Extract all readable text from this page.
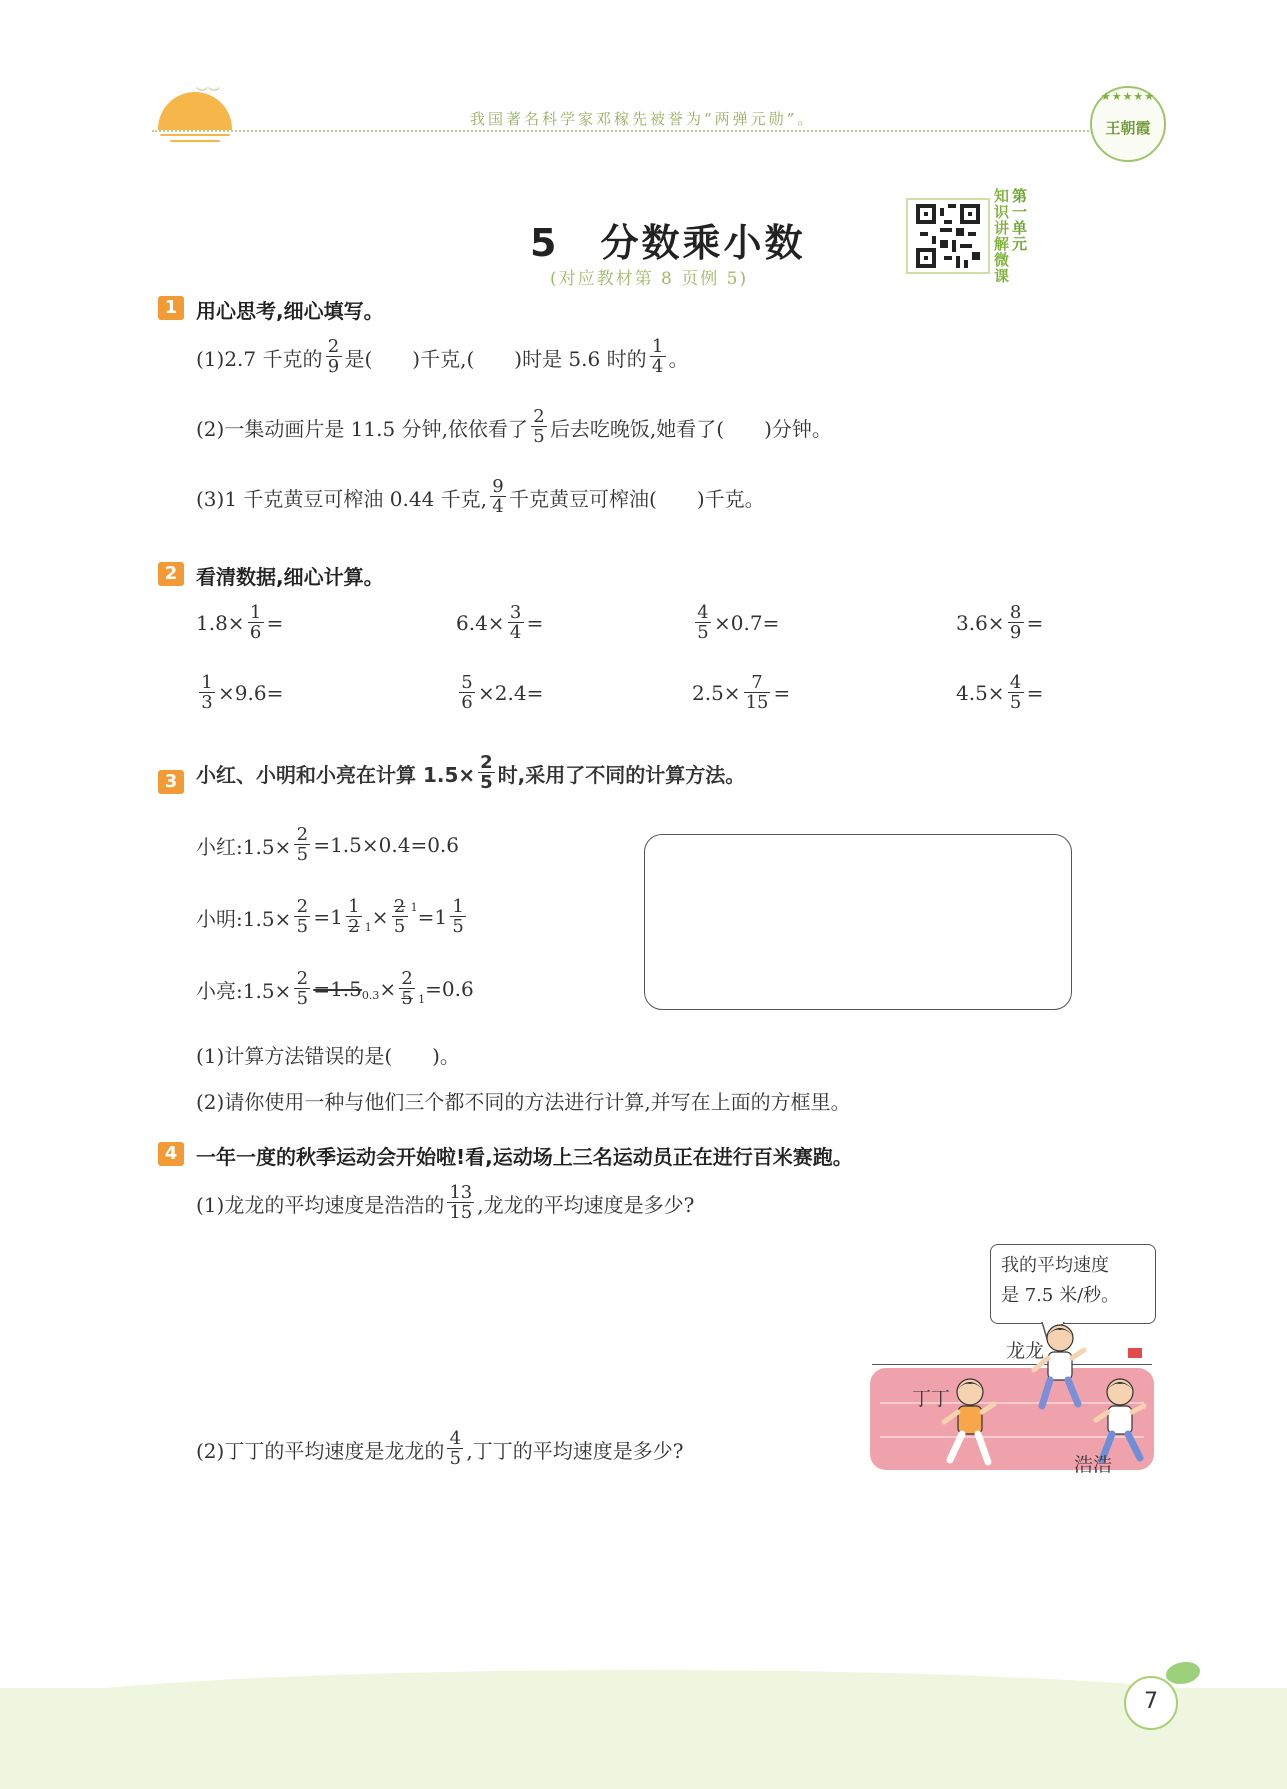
︶︶
我国著名科学家邓稼先被誉为“两弹元勋”。
★★★★★
王朝霞
5　分数乘小数
(对应教材第 8 页例 5)
知识讲解微课
第一单元
1 用心思考,细心填写。
(1)2.7 千克的 $\frac{2}{9}$ 是(　　)千克,(　　)时是 5.6 时的 $\frac{1}{4}$ 。
(2)一集动画片是 11.5 分钟,依依看了 $\frac{2}{5}$ 后去吃晚饭,她看了(　　)分钟。
(3)1 千克黄豆可榨油 0.44 千克, $\frac{9}{4}$ 千克黄豆可榨油(　　)千克。
2 看清数据,细心计算。
$1.8\times \frac{1}{6}$ =	$6.4\times \frac{3}{4}$ =	$\frac{4}{5} \times 0.7=$	$3.6\times \frac{8}{9}$ =
$\frac{1}{3} \times 9.6=$	$\frac{5}{6} \times 2.4=$	$2.5\times \frac{7}{15}$ =	$4.5\times \frac{4}{5}$ =
3 小红、小明和小亮在计算 $1.5\times \frac{2}{5}$ 时,采用了不同的计算方法。
小红:1.5× $\frac{2}{5} =1.5\times 0.4=0.6$
小明:1.5× $\frac{2}{5} =1 \frac{1}{2} 1 \times \frac{2}{5} 1 =1 \frac{1}{5}$
小亮:1.5× $\frac{2}{5} =1.5$ $0.3 \times \frac{2}{5} 1 =0.6$
(1)计算方法错误的是(　　)。
(2)请你使用一种与他们三个都不同的方法进行计算,并写在上面的方框里。
4 一年一度的秋季运动会开始啦!看,运动场上三名运动员正在进行百米赛跑。
(1)龙龙的平均速度是浩浩的 $\frac{13}{15}$ ,龙龙的平均速度是多少?
(2)丁丁的平均速度是龙龙的 $\frac{4}{5}$ ,丁丁的平均速度是多少?
我的平均速度
是 7.5 米/秒。
龙龙
丁丁
浩浩
7
